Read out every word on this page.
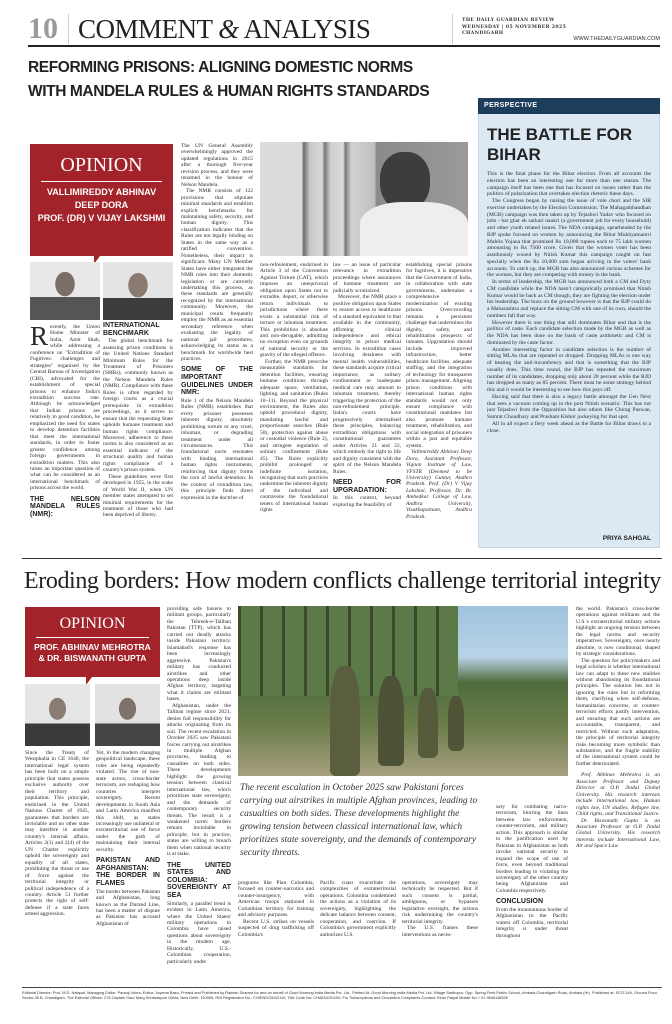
10 COMMENT & ANALYSIS	THE DAILY GUARDIAN REVIEW
WEDNESDAY | 05 NOVEMBER 2025
CHANDIGARH
WWW.THEDAILYGUARDIAN.COM
REFORMING PRISONS: ALIGNING DOMESTIC NORMS
WITH MANDELA RULES & HUMAN RIGHTS STANDARDS
OPINION
VALLIMIREDDY ABHINAV
DEEP DORA
PROF. (DR) V VIJAY LAKSHMI

Recently, the Union Home Minister of India, Amit Shah, while addressing a conference on "Extradition of Fugitives: challenges and strategies" organised by the Central Bureau of Investigation (CBI), advocated for the establishment of special prisons to enhance India's extradition success rate. Although he acknowledged that Indian prisons are relatively in good condition, he emphasized the need for states to develop detention facilities that meet the international standards, in order to foster greater confidence among foreign governments in extradition matters. This also raises an important question of what can be considered as an international benchmark of prisons across the world.

THE NELSON MANDELA RULES (NMR):
INTERNATIONAL BENCHMARK

The global benchmark for assessing prison conditions is the United Nations Standard Minimum Rules for the Treatment of Prisoners (SMRs), commonly known as the Nelson Mandela Rules (NMR). Compliance with these Rules is often regarded by foreign courts as a crucial prerequisite in extradition proceedings, as it serves to ensure that the requesting State upholds humane treatment and human rights compliance. Moreover, adherence to these norms is also considered as an essential indicator of the structural quality and human rights compliance of a country's prison system.

These guidelines were first developed in 1955, in the wake of World War II, when UN member states attempted to set minimal requirements for the treatment of those who had been deprived of liberty.

The UN General Assembly overwhelmingly approved the updated regulations in 2015 after a thorough five-year revision process, and they were renamed in the honour of Nelson Mandela.

The NMR consists of 122 provisions that stipulate minimal standards and establish explicit benchmarks for maintaining safety, security, and human dignity. This classification indicates that the Rules are not legally binding on States in the same way as a ratified convention. Nonetheless, their impact is significant. Many UN Member States have either integrated the NMR rules into their domestic legislation or are currently undertaking this process, as these standards are generally recognized by the international community. Moreover, the municipal courts frequently employ the NMR as an essential secondary reference when evaluating the legality of national jail procedures, acknowledging its status as a benchmark for worldwide best practices.

SOME OF THE IMPORTANT GUIDELINES UNDER NMR:

Rule 1 of the Nelson Mandela Rules (NMR) establishes that every prisoner possesses inherent dignity, absolutely prohibiting torture or any cruel, inhuman, or degrading treatment under all circumstances. This foundational norm resonates with binding international human rights instruments, reinforcing that dignity forms the core of lawful detention. In the context of extradition law, this principle finds direct expression in the doctrine of

non-refoulement, enshrined in Article 3 of the Convention Against Torture (CAT), which imposes an unequivocal obligation upon States not to extradite, deport, or otherwise return individuals to jurisdictions where there exists a substantial risk of torture or inhuman treatment. This prohibition is absolute and non-derogable, admitting no exception even on grounds of national security or the gravity of the alleged offence.

Further, the NMR prescribe measurable standards for detention facilities, ensuring humane conditions through adequate space, ventilation, lighting, and sanitation (Rules 10–11). Beyond the physical environment, the Rules also uphold procedural dignity, mandating lawful and proportionate searches (Rule 50), protection against abuse or custodial violence (Rule 2), and stringent regulation of solitary confinement (Rule 45). The Rules explicitly prohibit prolonged or indefinite isolation, recognizing that such practices undermine the inherent dignity of the individual and contravene the foundational tenets of international human rights

law — an issue of particular relevance in extradition proceedings where assurances of humane treatment are judicially scrutinized.

Moreover, the NMR place a positive obligation upon States to ensure access to healthcare of a standard equivalent to that available in the community, affirming clinical independence and ethical integrity in prison medical services. In extradition cases involving detainees with mental health vulnerabilities, these standards acquire critical importance, as solitary confinement or inadequate medical care may amount to inhuman treatment, thereby triggering the protection of the non-refoulement principle. India's courts have progressively internalised these principles, balancing extradition obligations with constitutional guarantees under Articles 21 and 22, which embody the right to life and dignity consistent with the spirit of the Nelson Mandela Rules.

NEED FOR UPGRADATION:

In this context, beyond exploring the feasibility of

establishing special prisons for fugitives, it is imperative that the Government of India, in collaboration with state governments, undertakes a comprehensive modernization of existing prisons. Overcrowding remains a persistent challenge that undermines the dignity, safety, and rehabilitation prospects of inmates. Upgradation should include improved infrastructure, better healthcare facilities, adequate staffing, and the integration of technology for transparent prison management. Aligning prison conditions with international human rights standards would not only ensure compliance with constitutional mandates but also promote humane treatment, rehabilitation, and social integration of prisoners within a just and equitable system.

Vallimireddy Abhinav Deep Dora, Assistant Professor, Vignan Institute of Law, VFSTR (Deemed to be University) Guntur, Andhra Pradesh. Prof. (Dr) V Vijay Lakshmi, Professor, Dr. Br. Ambedkar College of Law, Andhra University, Visakhapatnam, Andhra Pradesh.

PERSPECTIVE
THE BATTLE FOR
BIHAR

This is the final phase for the Bihar election. From all accounts the election has been an interesting one for more than one reason. The campaign itself has been one that has focused on issues rather than the politics of polarization that overtakes election rhetoric these days.

The Congress began by raising the issue of vote chori and the SIR exercise undertaken by the Election Commission. The Mahagathbandhan (MGB) campaign was then taken up by Tejashwi Yadav who focused on jobs - har ghar ek sarkari naukri (a government job for every household) and other youth related issues. The NDA campaign, spearheaded by the BJP spoke focused on women by announcing the Bihar Mukhyamantri Mahila Yojana that promised Rs 10,000 rupees each to 75 lakh women amounting to Rs 7500 crore. Given that the women voter has been assiduously wooed by Nitish Kumar this campaign caught on fast specially when the Rs 10,000 sum began arriving in the voters' bank accounts. To catch up, the MGB has also announced various schemes for the women, but they are competing with money in the bank.

In terms of leadership, the MGB has announced both a CM and Dyty CM candidate while the NDA hasn't categorically promised that Nitish Kumar would be back as CM though, they are fighting the election under his leadership. The buzz on the ground however is that the BJP could do a Maharashtra and replace the sitting CM with one of its own, should the numbers fall that way.

However there is one thing that still dominates Bihar and that is the politics of caste. Each candidate selection made by the MGB as well as the NDA has been done on the basis of caste arithmetic and CM is dominated by the caste factor.

Another interesting factor in candidate selection is the number of sitting MLAs that are repeated or dropped. Dropping MLAs is one way of beating the anti-incumbency and that is something that the BJP usually does. This time round, the BJP has repeated the maximum number of its candidates, dropping only about 28 percent while the RJD has dropped as many as 85 percent. There must be some strategy behind this and it would be interesting to see how this pays off.

Having said that there is also a legacy battle amongst the Gen Next that sees a vacuum coming up in the post Nitish scenario. This has not just Tejashwi from the Opposition but also others like Chirag Paswan, Samrat Choudhary and Prashant Kishor jockeying for that spot.

All in all expect a fiery week ahead as the Battle for Bihar draws to a close.

PRIYA SAHGAL
Eroding borders: How modern conflicts challenge territorial integrity
OPINION
PROF. ABHINAV MEHROTRA
& DR. BISWANATH GUPTA

Since the Treaty of Westphalia in CE 1648, the international legal system has been built on a simple principle that states possess exclusive authority over their territory and population. This principle, enshrined in the United Nations Charter of 1945, guarantees that borders are inviolable and no other state may interfere in another country's internal affairs. Articles 2(1) and 2(4) of the UN Charter explicitly uphold the sovereignty and equality of all states, prohibiting the threat or use of force against the territorial integrity or political independence of a country. Article 51 further protects the right of self-defense if a state faces armed aggression.

Yet, in the modern changing geopolitical landscape, these rules are being repeatedly violated. The rise of non-state actors, cross-border terrorism, are reshaping how countries interpret sovereignty. Recent developments in South Asia and Latin America manifest this shift, as states increasingly use unilateral or extraterritorial use of force under the garb of maintaining their internal security.

PAKISTAN AND AFGHANISTAN: THE BORDER IN FLAMES

The border between Pakistan and Afghanistan, long known as the Durand Line, has been a matter of dispute as Pakistan has accused Afghanistan of

providing safe havens to militant groups, particularly the Tehreek-e-Taliban Pakistan (TTP), which has carried out deadly attacks inside Pakistani territory. Islamabad's response has been increasingly aggressive. Pakistan's military has conducted airstrikes and other operations deep inside Afghan territory, targeting what it claims are militant bases.

Afghanistan, under the Taliban regime since 2021, denies full responsibility for attacks originating from its soil. The recent escalation in October 2025 saw Pakistani forces carrying out airstrikes in multiple Afghan provinces, leading to casualties on both sides. These developments highlight the growing tension between classical international law, which prioritizes state sovereignty, and the demands of contemporary security threats. The result is a weakened norm: borders remain inviolable in principle, but in practice, states are willing to breach them when national security is at stake.

THE UNITED STATES AND COLOMBIA: SOVEREIGNTY AT SEA

Similarly, a parallel trend is evident in Latin America, where the United States' military operations in Colombia have raised questions about sovereignty in the modern age. Historically, U.S.-Colombian cooperation, particularly under

The recent escalation in October 2025 saw Pakistani forces carrying out airstrikes in multiple Afghan provinces, leading to casualties on both sides. These developments highlight the growing tension between classical international law, which prioritizes state sovereignty, and the demands of contemporary security threats.

programs like Plan Colombia, focused on counter-narcotics and counter-insurgency, with American troops stationed in Colombian territory for training and advisory purposes.

Recent U.S. strikes on vessels suspected of drug trafficking off Colombia's

Pacific coast exacerbate the complexities of extraterritorial operations. Colombia condemned the actions as a violation of its sovereignty, highlighting the delicate balance between consent, cooperation, and coercion. If Colombia's government explicitly authorizes U.S.

operations, sovereignty may technically be respected. But if such consent is partial, ambiguous, or bypasses legislative oversight, the actions risk undermining the country's territorial integrity.

The U.S. frames these interventions as neces-

sary for combating narco-terrorism, blurring the lines between law enforcement, counter-terrorism, and military action. This approach is similar to the justification used by Pakistan in Afghanistan as both invoke national security to expand the scope of use of force, even beyond traditional borders leading to violating the sovereignty of the other country being Afghanistan and Colombia respectively.

CONCLUSION

From the mountainous border of Afghanistan to the Pacific waters off Colombia, territorial integrity is under threat throughout

the world. Pakistan's cross-border operations against militants and the U.S.'s extraterritorial military actions highlight an ongoing tension between the legal norms and security imperatives. Sovereignty, once nearly absolute, is now conditional, shaped by strategic considerations.

The question for policymakers and legal scholars is whether international law can adapt to these new realities without abandoning its foundational principles. The solution lies not in ignoring the rules but in reforming them, clarifying when self-defense, humanitarian concerns, or counter-terrorism efforts justify intervention, and ensuring that such actions are accountable, transparent, and restricted. Without such adaptation, the principle of territorial integrity risks becoming more symbolic than substantive, and the fragile stability of the international system could be further deteriorated.

Prof. Abhinav Mehrotra is an Associate Professor and Deputy Director at O.P. Jindal Global University. His research interests include International law, Human rights law, UN studies, Refugee law, Child rights, and Transitional Justice.

Dr. Biswanath Gupta is an Associate Professor at O.P. Jindal Global University. His research interests include International Law, Air and Space Law.

Editorial Director: Prof. M.D. Nalapat, Managing Editor: Pankaj Vohra, Editor: Joyeeta Basu, Printed and Published by Rakesh Sharma for and on behalf of Good Morning India Media Pvt. Ltd., Printed At: Good Morning India Media Pvt. Ltd. Village Sadhopur, Opp. Spring Field Public School, Ambala-Chandigarh Road, Ambala (Hr). Published at: SCO-349, Ground Floor, Sector-35 B, Chandigarh, The Editorial Offices: 275 Captain Gaur Marg Sriniwaspuri Okhla, New Delhi- 110065, RNI Registration No.: CHIENG/25/42110, Title Code No: CHAENG01155, For Subscriptions and Circulation Complaints Contact: Kiran Patyal Mobile No.+ 91 9646118526
